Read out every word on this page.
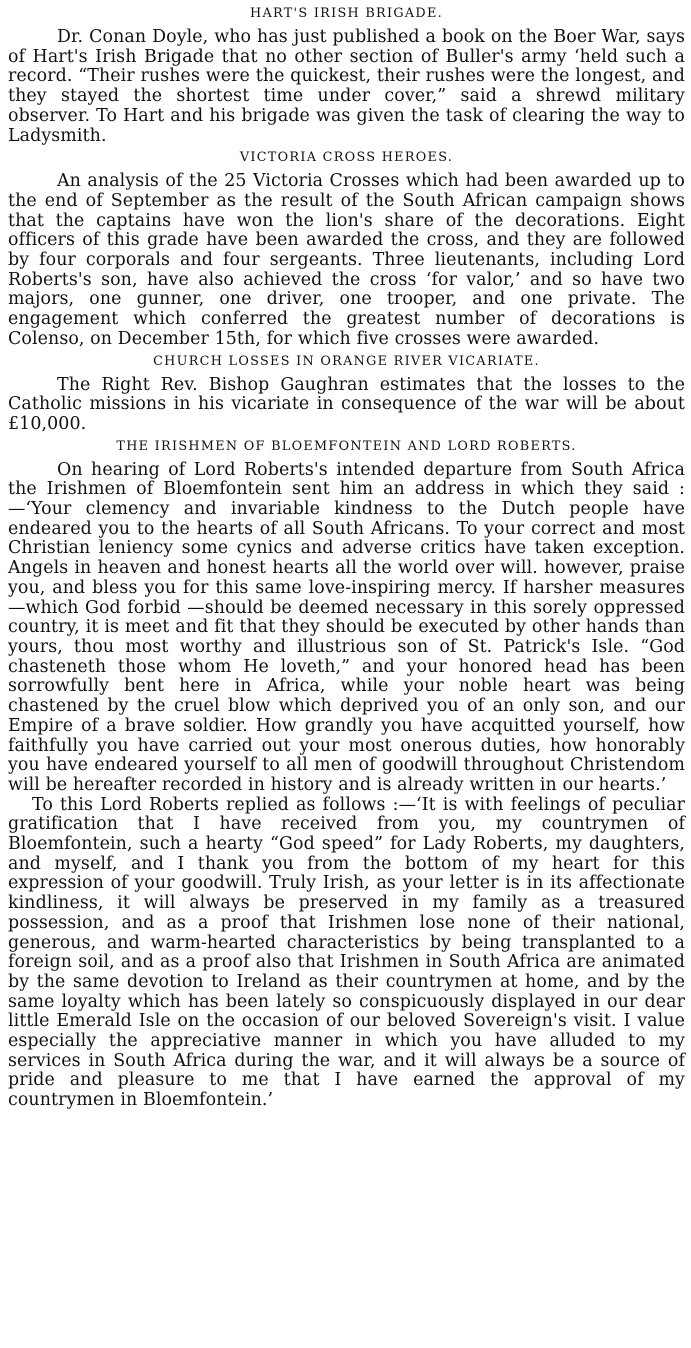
HART'S IRISH BRIGADE.

Dr. Conan Doyle, who has just published a book on the Boer War, says of Hart's Irish Brigade that no other section of Buller's army ‘held such a record. “Their rushes were the quickest, their rushes were the longest, and they stayed the shortest time under cover,” said a shrewd military observer. To Hart and his brigade was given the task of clearing the way to Ladysmith.

VICTORIA CROSS HEROES.

An analysis of the 25 Victoria Crosses which had been awarded up to the end of September as the result of the South African campaign shows that the captains have won the lion's share of the decorations. Eight officers of this grade have been awarded the cross, and they are followed by four corporals and four sergeants. Three lieutenants, including Lord Roberts's son, have also achieved the cross ‘for valor,’ and so have two majors, one gunner, one driver, one trooper, and one private. The engagement which conferred the greatest number of decorations is Colenso, on December 15th, for which five crosses were awarded.

CHURCH LOSSES IN ORANGE RIVER VICARIATE.

The Right Rev. Bishop Gaughran estimates that the losses to the Catholic missions in his vicariate in consequence of the war will be about £10,000.

THE IRISHMEN OF BLOEMFONTEIN AND LORD ROBERTS.

On hearing of Lord Roberts's intended departure from South Africa the Irishmen of Bloemfontein sent him an address in which they said :—‘Your clemency and invariable kindness to the Dutch people have endeared you to the hearts of all South Africans. To your correct and most Christian leniency some cynics and adverse critics have taken exception. Angels in heaven and honest hearts all the world over will. however, praise you, and bless you for this same love-inspiring mercy. If harsher measures—which God forbid —should be deemed necessary in this sorely oppressed country, it is meet and fit that they should be executed by other hands than yours, thou most worthy and illustrious son of St. Patrick's Isle. “God chasteneth those whom He loveth,” and your honored head has been sorrowfully bent here in Africa, while your noble heart was being chastened by the cruel blow which deprived you of an only son, and our Empire of a brave soldier. How grandly you have acquitted yourself, how faithfully you have carried out your most onerous duties, how honorably you have endeared yourself to all men of goodwill throughout Christendom will be hereafter recorded in history and is already written in our hearts.’

To this Lord Roberts replied as follows :—‘It is with feelings of peculiar gratification that I have received from you, my countrymen of Bloemfontein, such a hearty “God speed” for Lady Roberts, my daughters, and myself, and I thank you from the bottom of my heart for this expression of your goodwill. Truly Irish, as your letter is in its affectionate kindliness, it will always be preserved in my family as a treasured possession, and as a proof that Irishmen lose none of their national, generous, and warm-hearted characteristics by being transplanted to a foreign soil, and as a proof also that Irishmen in South Africa are animated by the same devotion to Ireland as their countrymen at home, and by the same loyalty which has been lately so conspicuously displayed in our dear little Emerald Isle on the occasion of our beloved Sovereign's visit. I value especially the appreciative manner in which you have alluded to my services in South Africa during the war, and it will always be a source of pride and pleasure to me that I have earned the approval of my countrymen in Bloemfontein.’
